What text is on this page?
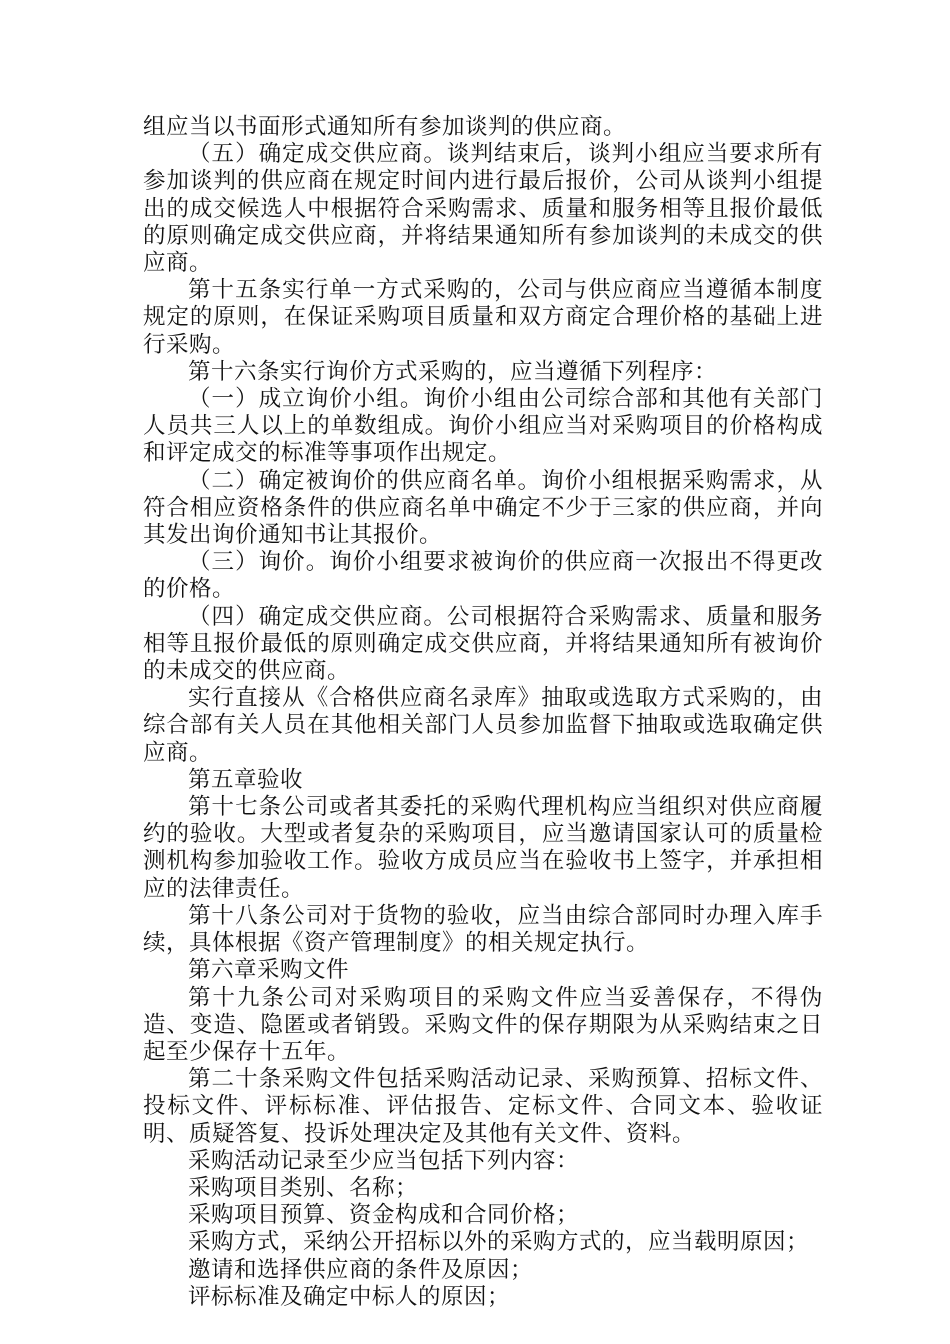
组应当以书面形式通知所有参加谈判的供应商。

（五）确定成交供应商。谈判结束后，谈判小组应当要求所有参加谈判的供应商在规定时间内进行最后报价，公司从谈判小组提出的成交候选人中根据符合采购需求、质量和服务相等且报价最低的原则确定成交供应商，并将结果通知所有参加谈判的未成交的供应商。

第十五条实行单一方式采购的，公司与供应商应当遵循本制度规定的原则，在保证采购项目质量和双方商定合理价格的基础上进行采购。

第十六条实行询价方式采购的，应当遵循下列程序：

（一）成立询价小组。询价小组由公司综合部和其他有关部门人员共三人以上的单数组成。询价小组应当对采购项目的价格构成和评定成交的标准等事项作出规定。

（二）确定被询价的供应商名单。询价小组根据采购需求，从符合相应资格条件的供应商名单中确定不少于三家的供应商，并向其发出询价通知书让其报价。

（三）询价。询价小组要求被询价的供应商一次报出不得更改的价格。

（四）确定成交供应商。公司根据符合采购需求、质量和服务相等且报价最低的原则确定成交供应商，并将结果通知所有被询价的未成交的供应商。

实行直接从《合格供应商名录库》抽取或选取方式采购的，由综合部有关人员在其他相关部门人员参加监督下抽取或选取确定供应商。

第五章验收

第十七条公司或者其委托的采购代理机构应当组织对供应商履约的验收。大型或者复杂的采购项目，应当邀请国家认可的质量检测机构参加验收工作。验收方成员应当在验收书上签字，并承担相应的法律责任。

第十八条公司对于货物的验收，应当由综合部同时办理入库手续，具体根据《资产管理制度》的相关规定执行。

第六章采购文件

第十九条公司对采购项目的采购文件应当妥善保存，不得伪造、变造、隐匿或者销毁。采购文件的保存期限为从采购结束之日起至少保存十五年。

第二十条采购文件包括采购活动记录、采购预算、招标文件、投标文件、评标标准、评估报告、定标文件、合同文本、验收证明、质疑答复、投诉处理决定及其他有关文件、资料。

采购活动记录至少应当包括下列内容：

采购项目类别、名称；

采购项目预算、资金构成和合同价格；

采购方式，采纳公开招标以外的采购方式的，应当载明原因；

邀请和选择供应商的条件及原因；

评标标准及确定中标人的原因；
